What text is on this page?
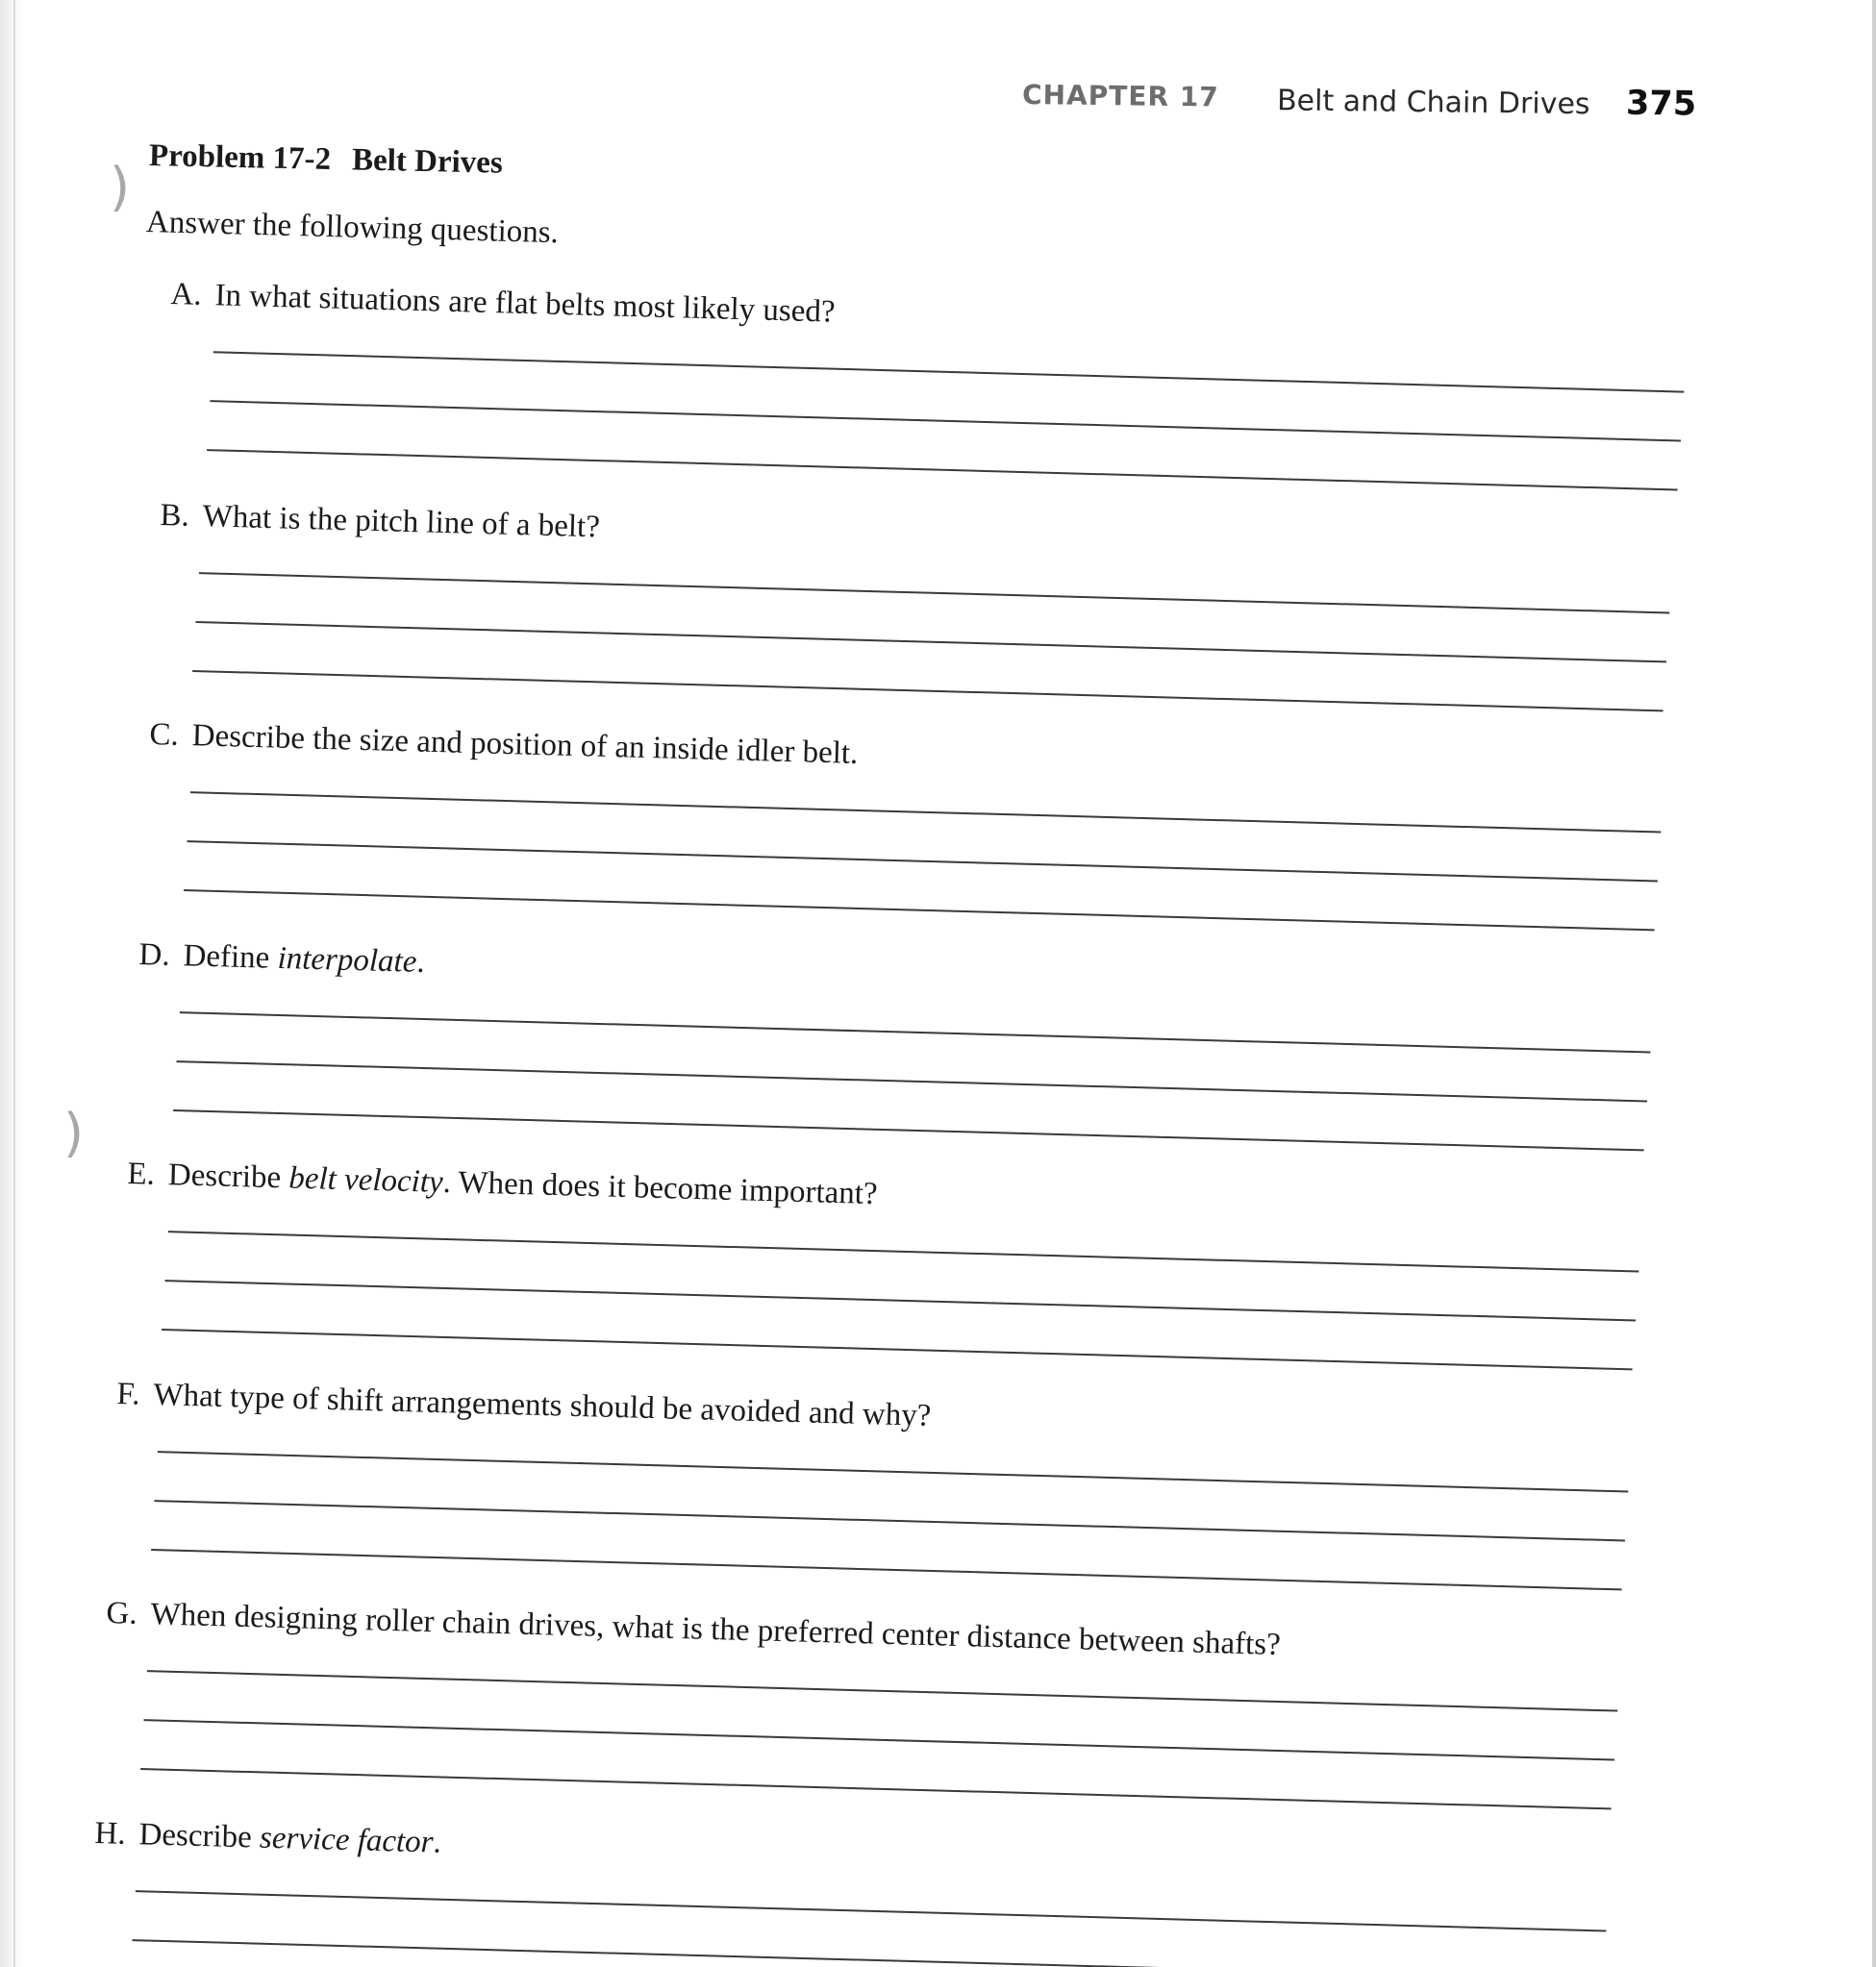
)
)
CHAPTER 17 Belt and Chain Drives 375
Problem 17-2 Belt Drives
Answer the following questions.
A. In what situations are flat belts most likely used?
B. What is the pitch line of a belt?
C. Describe the size and position of an inside idler belt.
D. Define interpolate.
E. Describe belt velocity. When does it become important?
F. What type of shift arrangements should be avoided and why?
G. When designing roller chain drives, what is the preferred center distance between shafts?
H. Describe service factor.
